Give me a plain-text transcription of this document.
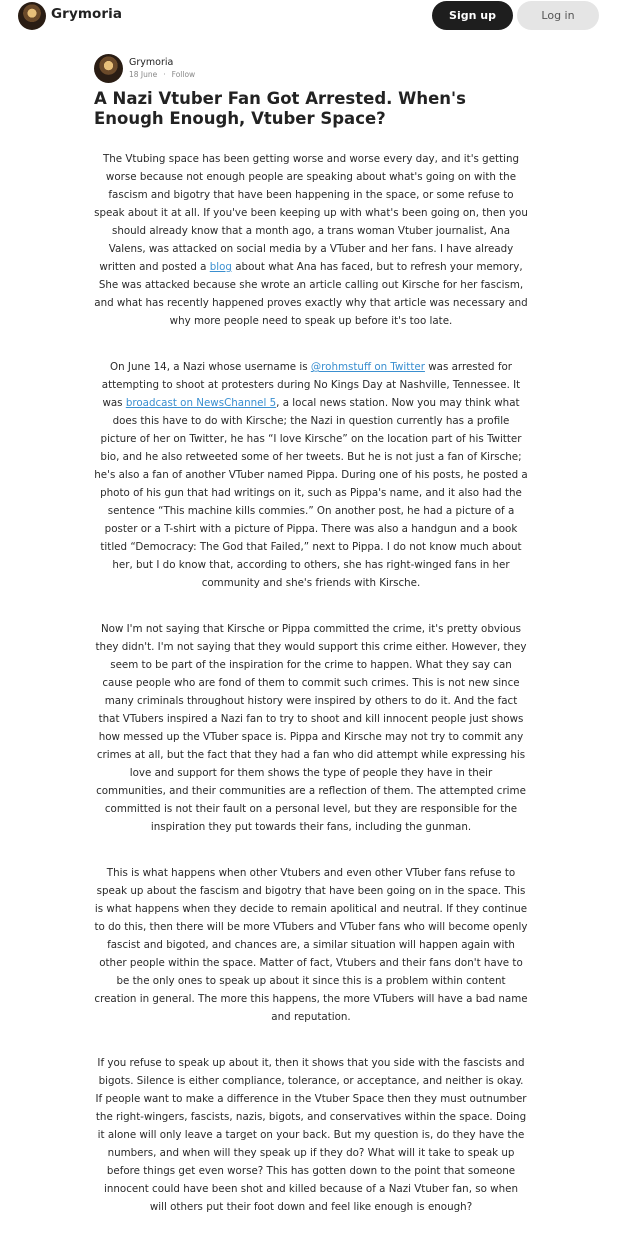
Grymoria	Sign up	Log in
Grymoria
18 June · Follow
A Nazi Vtuber Fan Got Arrested. When's Enough Enough, Vtuber Space?

The Vtubing space has been getting worse and worse every day, and it's getting worse because not enough people are speaking about what's going on with the fascism and bigotry that have been happening in the space, or some refuse to speak about it at all. If you've been keeping up with what's been going on, then you should already know that a month ago, a trans woman Vtuber journalist, Ana Valens, was attacked on social media by a VTuber and her fans. I have already written and posted a blog about what Ana has faced, but to refresh your memory, She was attacked because she wrote an article calling out Kirsche for her fascism, and what has recently happened proves exactly why that article was necessary and why more people need to speak up before it's too late.

On June 14, a Nazi whose username is @rohmstuff on Twitter was arrested for attempting to shoot at protesters during No Kings Day at Nashville, Tennessee. It was broadcast on NewsChannel 5, a local news station. Now you may think what does this have to do with Kirsche; the Nazi in question currently has a profile picture of her on Twitter, he has “I love Kirsche” on the location part of his Twitter bio, and he also retweeted some of her tweets. But he is not just a fan of Kirsche; he's also a fan of another VTuber named Pippa. During one of his posts, he posted a photo of his gun that had writings on it, such as Pippa's name, and it also had the sentence “This machine kills commies.” On another post, he had a picture of a poster or a T-shirt with a picture of Pippa. There was also a handgun and a book titled “Democracy: The God that Failed,” next to Pippa. I do not know much about her, but I do know that, according to others, she has right-winged fans in her community and she's friends with Kirsche.

Now I'm not saying that Kirsche or Pippa committed the crime, it's pretty obvious they didn't. I'm not saying that they would support this crime either. However, they seem to be part of the inspiration for the crime to happen. What they say can cause people who are fond of them to commit such crimes. This is not new since many criminals throughout history were inspired by others to do it. And the fact that VTubers inspired a Nazi fan to try to shoot and kill innocent people just shows how messed up the VTuber space is. Pippa and Kirsche may not try to commit any crimes at all, but the fact that they had a fan who did attempt while expressing his love and support for them shows the type of people they have in their communities, and their communities are a reflection of them. The attempted crime committed is not their fault on a personal level, but they are responsible for the inspiration they put towards their fans, including the gunman.

This is what happens when other Vtubers and even other VTuber fans refuse to speak up about the fascism and bigotry that have been going on in the space. This is what happens when they decide to remain apolitical and neutral. If they continue to do this, then there will be more VTubers and VTuber fans who will become openly fascist and bigoted, and chances are, a similar situation will happen again with other people within the space. Matter of fact, Vtubers and their fans don't have to be the only ones to speak up about it since this is a problem within content creation in general. The more this happens, the more VTubers will have a bad name and reputation.

If you refuse to speak up about it, then it shows that you side with the fascists and bigots. Silence is either compliance, tolerance, or acceptance, and neither is okay. If people want to make a difference in the Vtuber Space then they must outnumber the right-wingers, fascists, nazis, bigots, and conservatives within the space. Doing it alone will only leave a target on your back. But my question is, do they have the numbers, and when will they speak up if they do? What will it take to speak up before things get even worse? This has gotten down to the point that someone innocent could have been shot and killed because of a Nazi Vtuber fan, so when will others put their foot down and feel like enough is enough?
